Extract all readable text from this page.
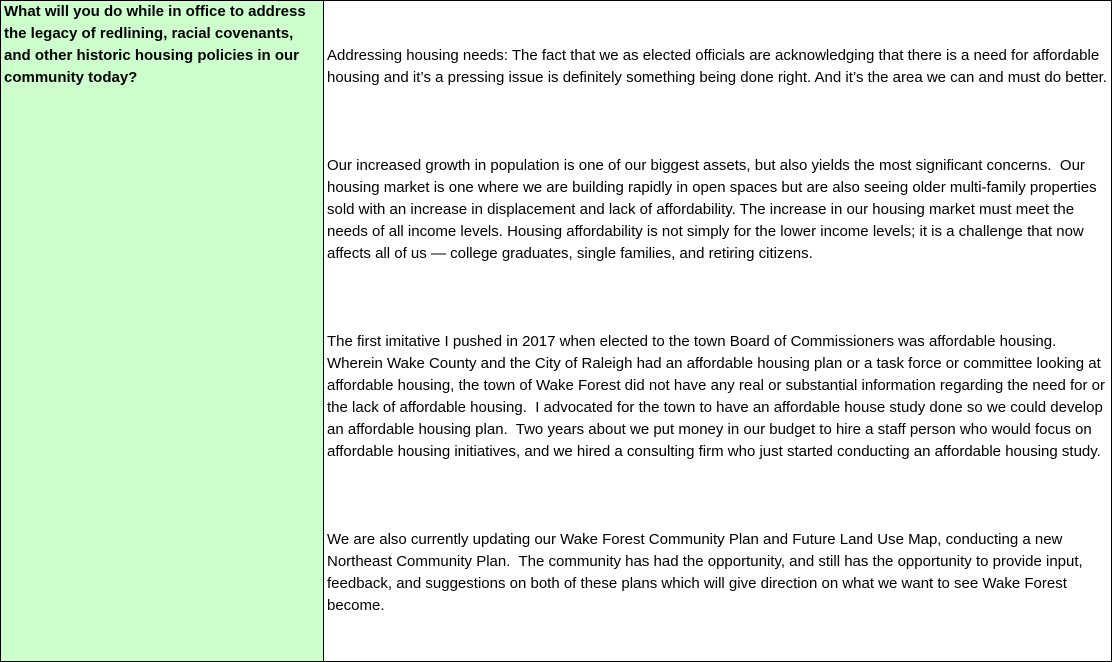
What will you do while in office to address the legacy of redlining, racial covenants, and other historic housing policies in our community today?

Addressing housing needs: The fact that we as elected officials are acknowledging that there is a need for affordable housing and it’s a pressing issue is definitely something being done right. And it’s the area we can and must do better.

Our increased growth in population is one of our biggest assets, but also yields the most significant concerns.  Our housing market is one where we are building rapidly in open spaces but are also seeing older multi-family properties sold with an increase in displacement and lack of affordability. The increase in our housing market must meet the needs of all income levels. Housing affordability is not simply for the lower income levels; it is a challenge that now affects all of us — college graduates, single families, and retiring citizens.

The first imitative I pushed in 2017 when elected to the town Board of Commissioners was affordable housing.  Wherein Wake County and the City of Raleigh had an affordable housing plan or a task force or committee looking at affordable housing, the town of Wake Forest did not have any real or substantial information regarding the need for or the lack of affordable housing.  I advocated for the town to have an affordable house study done so we could develop an affordable housing plan.  Two years about we put money in our budget to hire a staff person who would focus on affordable housing initiatives, and we hired a consulting firm who just started conducting an affordable housing study.

We are also currently updating our Wake Forest Community Plan and Future Land Use Map, conducting a new Northeast Community Plan.  The community has had the opportunity, and still has the opportunity to provide input, feedback, and suggestions on both of these plans which will give direction on what we want to see Wake Forest become.
